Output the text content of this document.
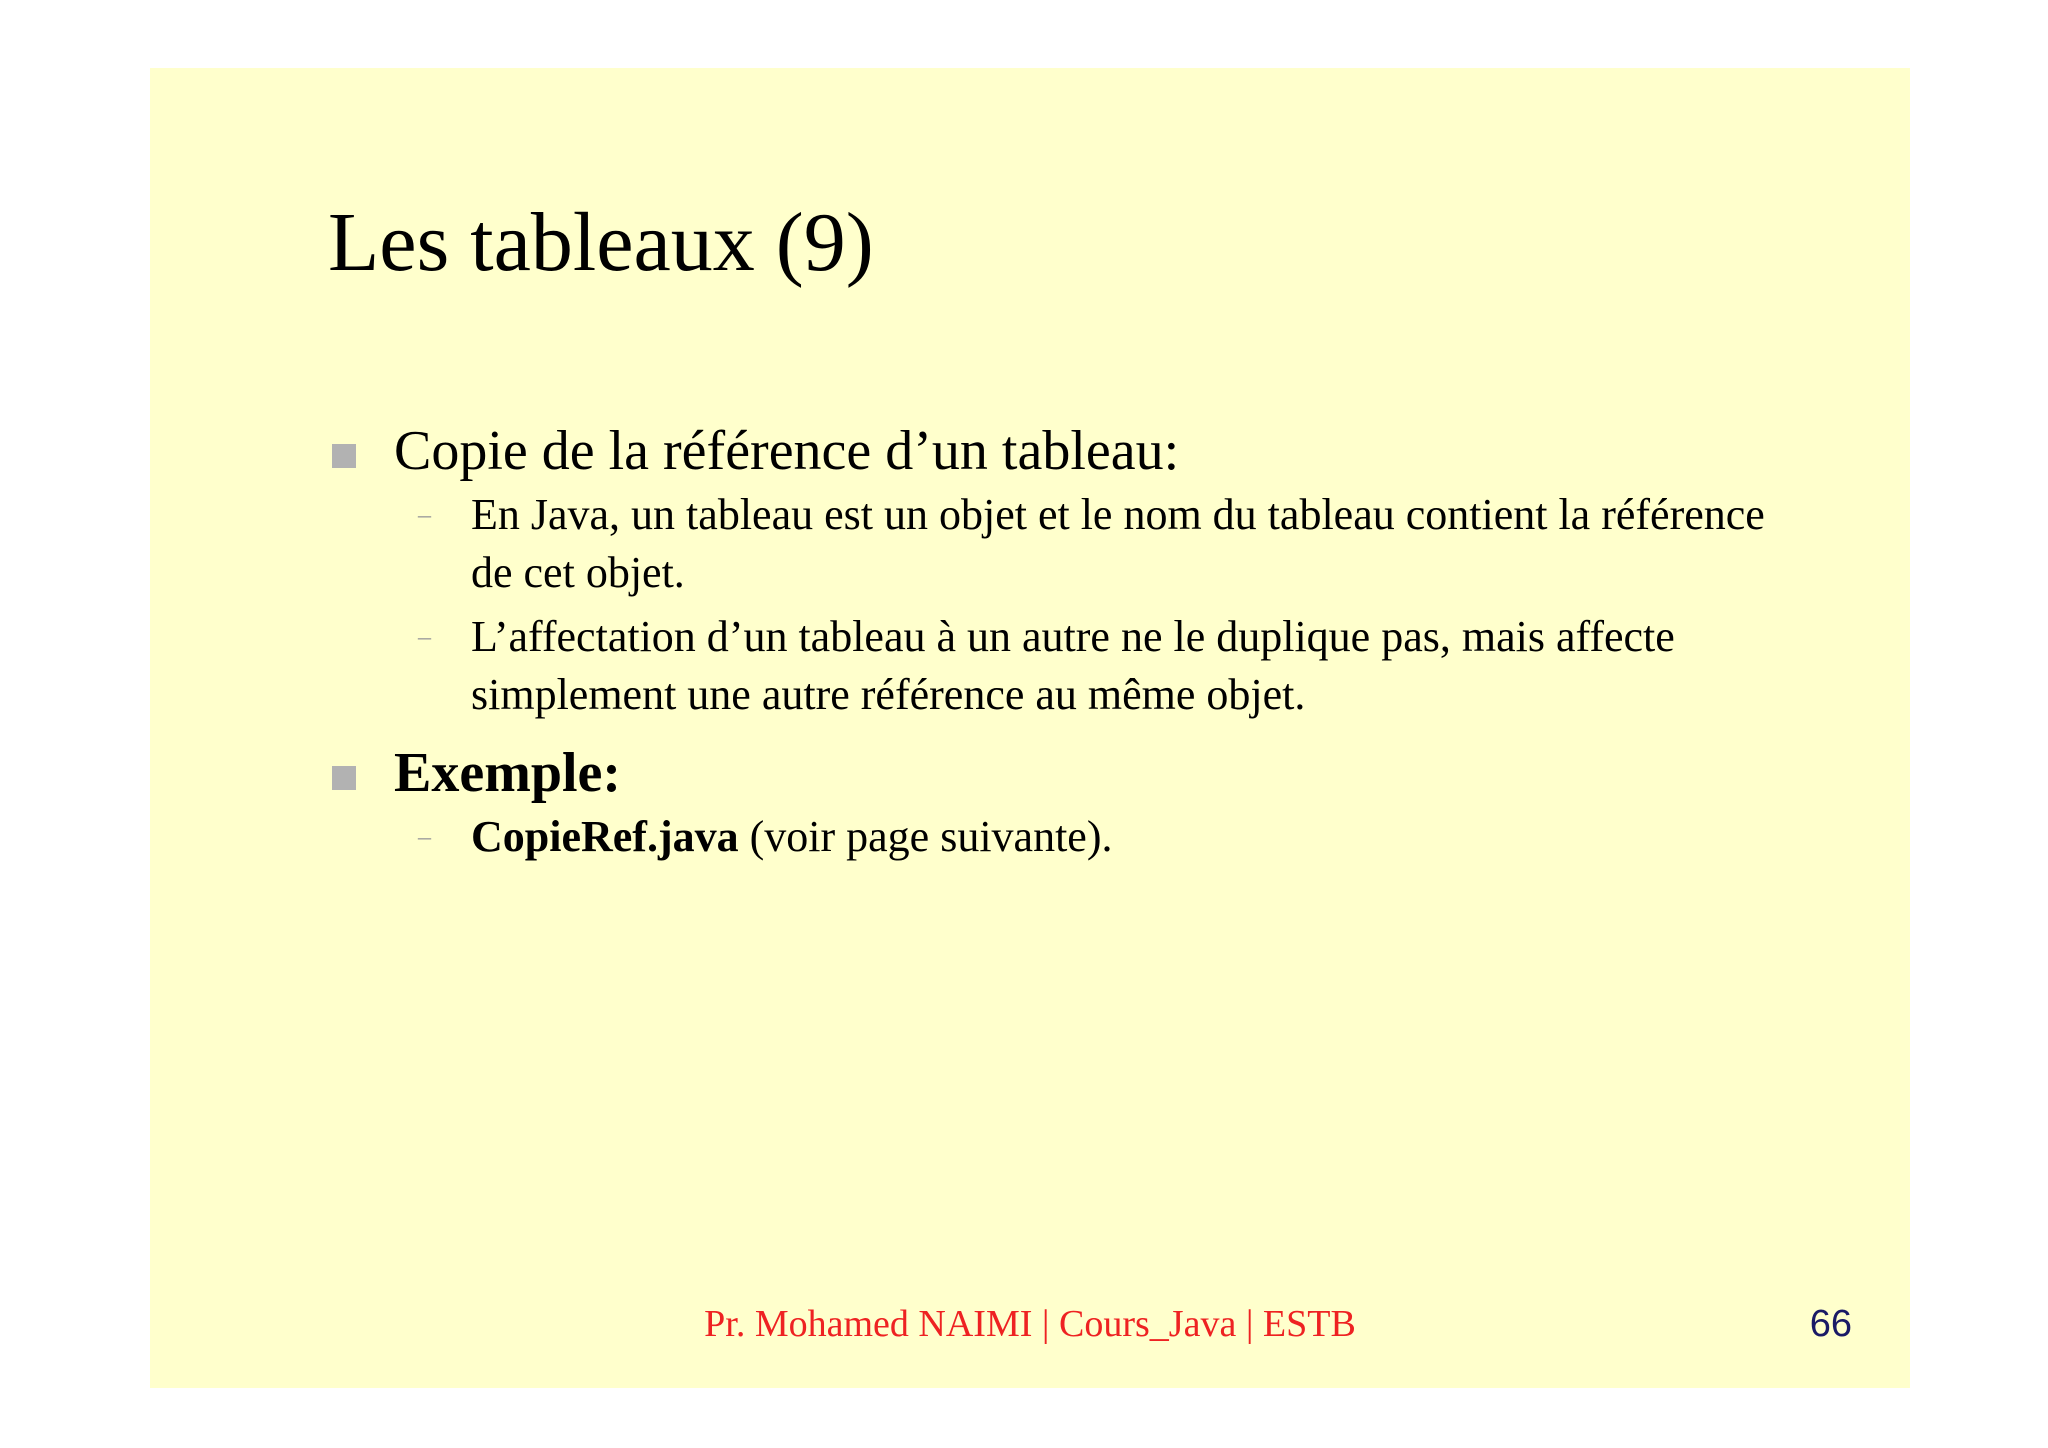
Les tableaux (9)
Copie de la référence d’un tableau:
– En Java, un tableau est un objet et le nom du tableau contient la référence de cet objet.
– L’affectation d’un tableau à un autre ne le duplique pas, mais affecte simplement une autre référence au même objet.
Exemple:
– CopieRef.java (voir page suivante).
Pr. Mohamed NAIMI | Cours_Java | ESTB	66
